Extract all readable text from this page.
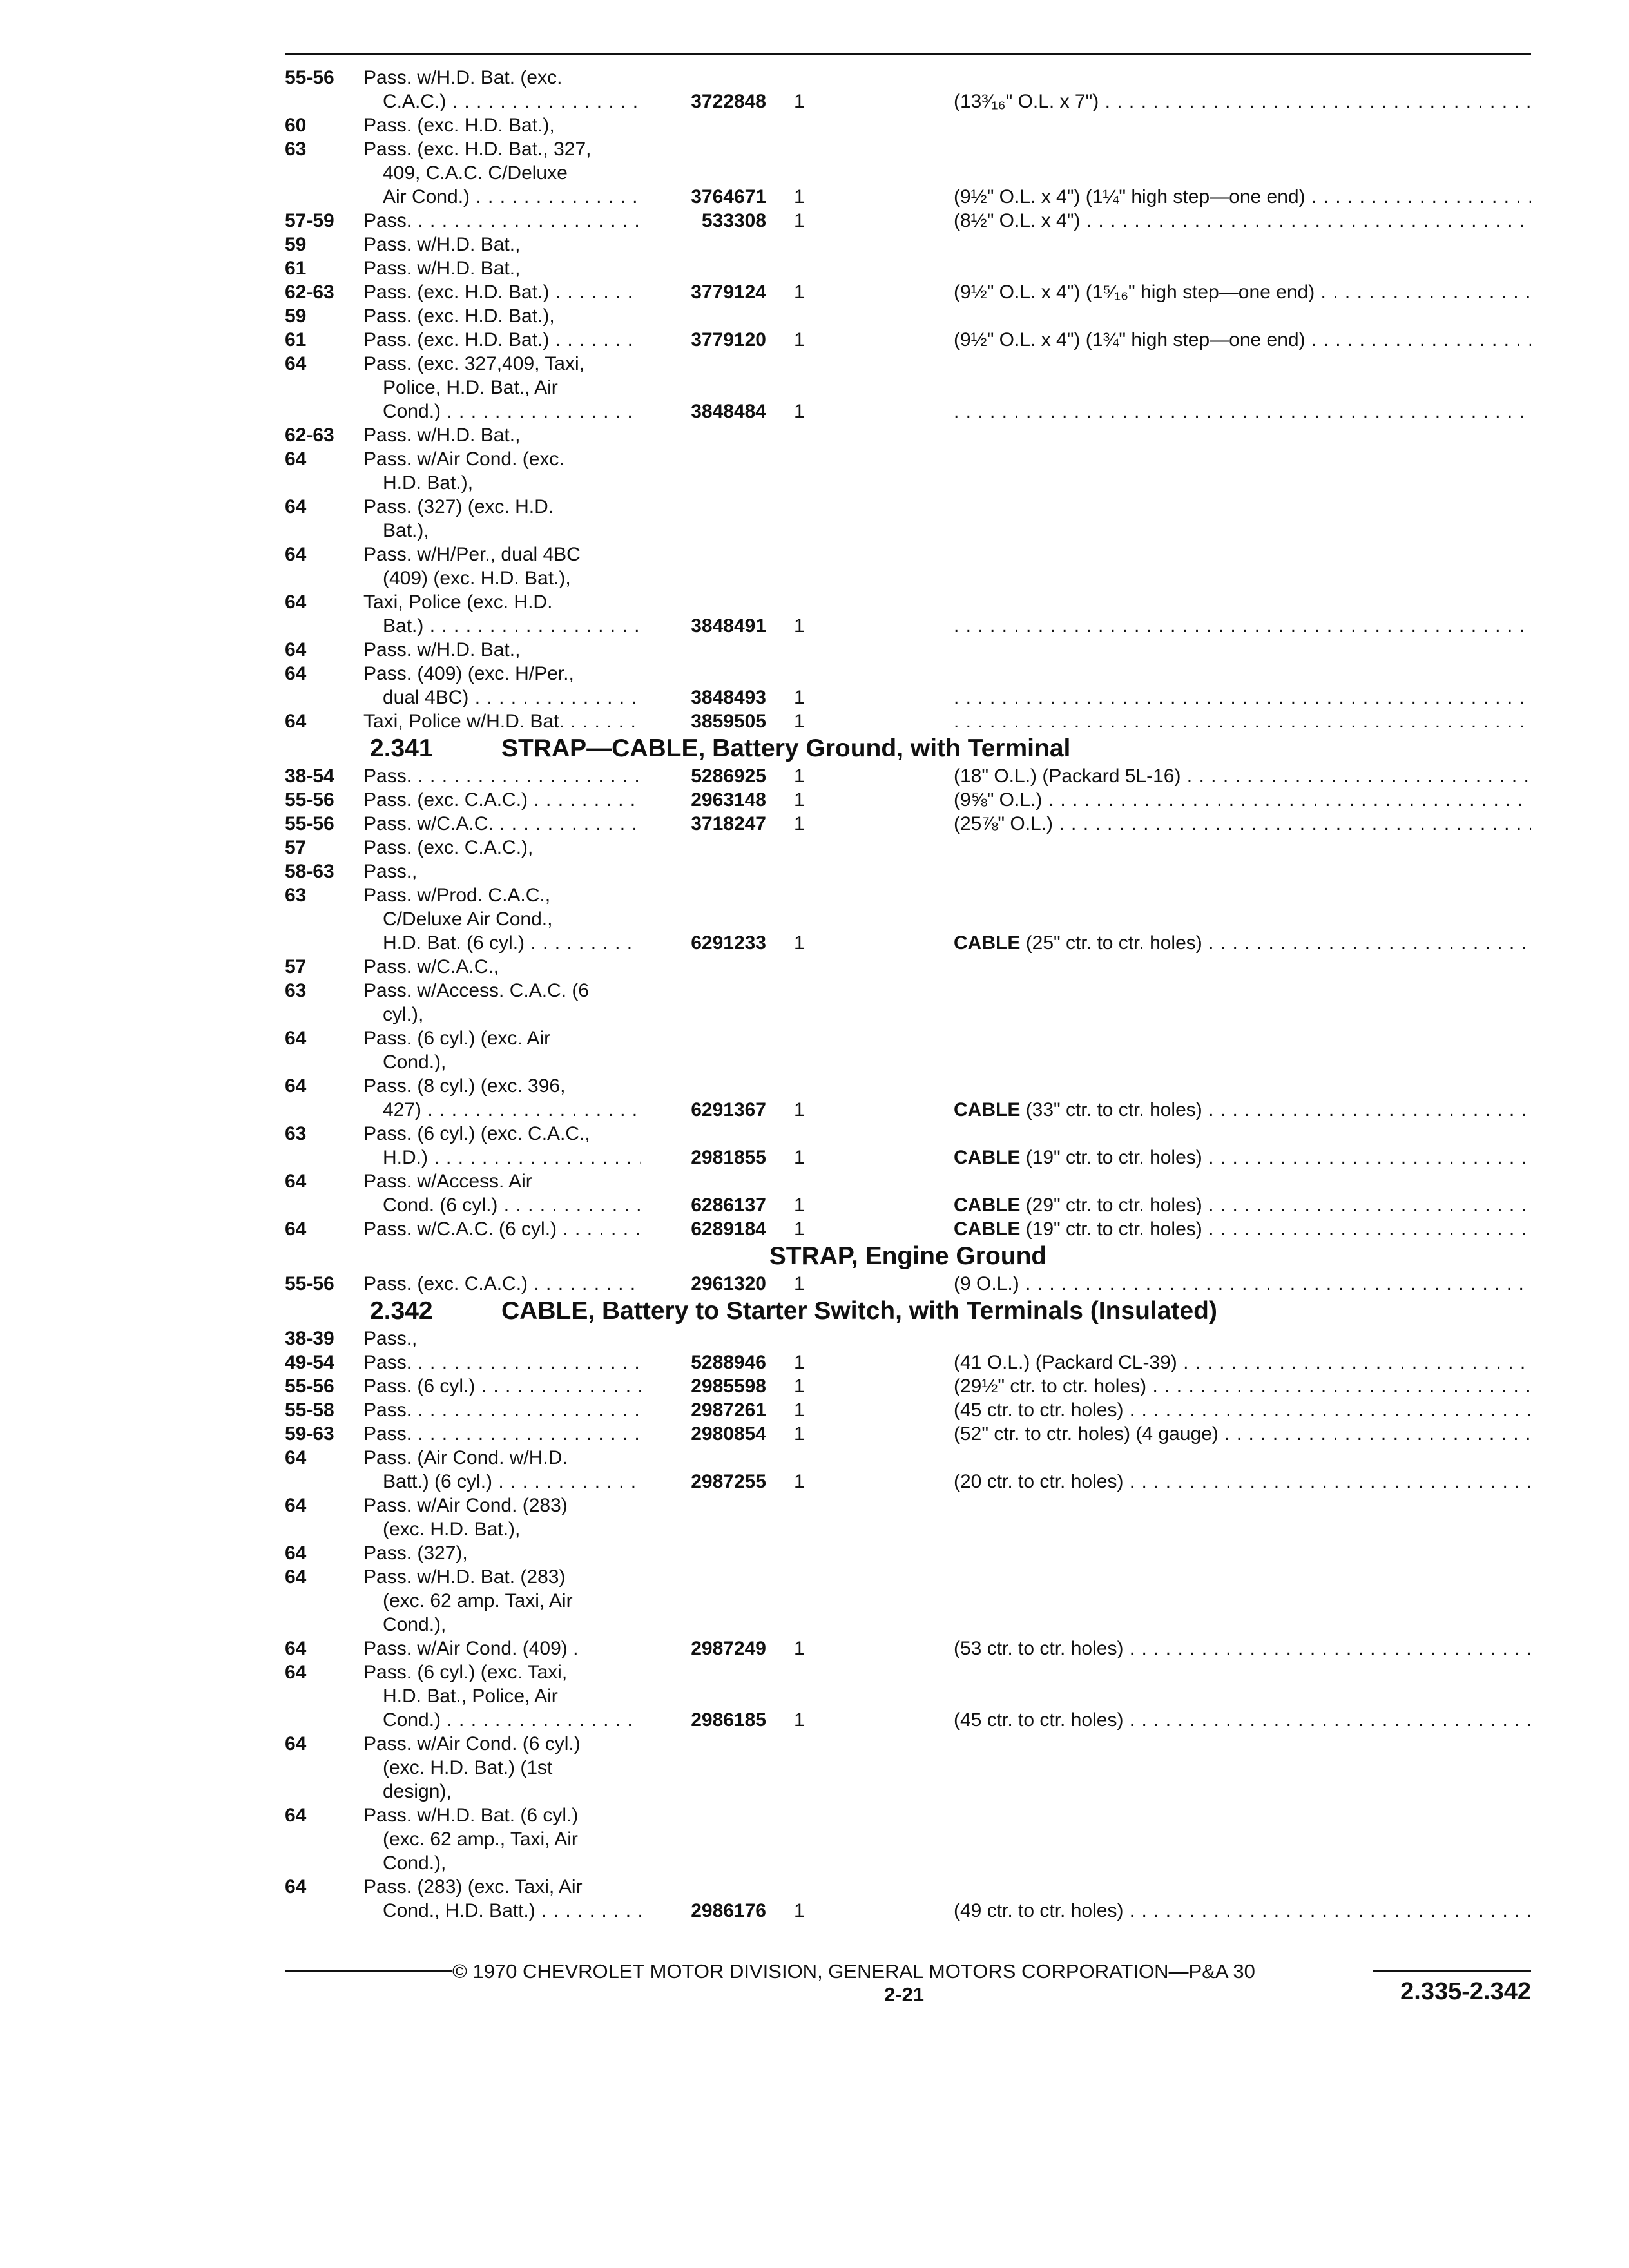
55-56	Pass. w/H.D. Bat. (exc.
C.A.C.) . . .	3722848 1	(13³⁄₁₆" O.L. x 7") . . .
60	Pass. (exc. H.D. Bat.),
63	Pass. (exc. H.D. Bat., 327,
409, C.A.C. C/Deluxe
Air Cond.) . . .	3764671 1	(9½" O.L. x 4") (1¼" high step—one end) . . .
57-59	Pass. . . .	533308 1	(8½" O.L. x 4") . . .
59	Pass. w/H.D. Bat.,
61	Pass. w/H.D. Bat.,
62-63	Pass. (exc. H.D. Bat.) . . .	3779124 1	(9½" O.L. x 4") (1⁵⁄₁₆" high step—one end) . . .
59	Pass. (exc. H.D. Bat.),
61	Pass. (exc. H.D. Bat.) . . .	3779120 1	(9½" O.L. x 4") (1¾" high step—one end) . . .
64	Pass. (exc. 327,409, Taxi,
Police, H.D. Bat., Air
Cond.) . . .	3848484 1
. . .
62-63	Pass. w/H.D. Bat.,
64	Pass. w/Air Cond. (exc.
H.D. Bat.),
64	Pass. (327) (exc. H.D.
Bat.),
64	Pass. w/H/Per., dual 4BC
(409) (exc. H.D. Bat.),
64	Taxi, Police (exc. H.D.
Bat.) . . .	3848491 1
. . .
64	Pass. w/H.D. Bat.,
64	Pass. (409) (exc. H/Per.,
dual 4BC) . . .	3848493 1
. . .
64	Taxi, Police w/H.D. Bat. . . .	3859505 1
. . .
2.341	STRAP—CABLE, Battery Ground, with Terminal
38-54	Pass. . . .	5286925 1	(18" O.L.) (Packard 5L-16) . . .
55-56	Pass. (exc. C.A.C.) . . .	2963148 1	(9⅝" O.L.) . . .
55-56	Pass. w/C.A.C. . . .	3718247 1	(25⅞" O.L.) . . .
57	Pass. (exc. C.A.C.),
58-63	Pass.,
63	Pass. w/Prod. C.A.C.,
C/Deluxe Air Cond.,
H.D. Bat. (6 cyl.) . . .	6291233 1	CABLE (25" ctr. to ctr. holes) . . .
57	Pass. w/C.A.C.,
63	Pass. w/Access. C.A.C. (6
cyl.),
64	Pass. (6 cyl.) (exc. Air
Cond.),
64	Pass. (8 cyl.) (exc. 396,
427) . . .	6291367 1	CABLE (33" ctr. to ctr. holes) . . .
63	Pass. (6 cyl.) (exc. C.A.C.,
H.D.) . . .	2981855 1	CABLE (19" ctr. to ctr. holes) . . .
64	Pass. w/Access. Air
Cond. (6 cyl.) . . .	6286137 1	CABLE (29" ctr. to ctr. holes) . . .
64	Pass. w/C.A.C. (6 cyl.) . . .	6289184 1	CABLE (19" ctr. to ctr. holes) . . .
STRAP, Engine Ground
55-56	Pass. (exc. C.A.C.) . . .	2961320 1	(9 O.L.) . . .
2.342	CABLE, Battery to Starter Switch, with Terminals (Insulated)
38-39	Pass.,
49-54	Pass. . . .	5288946 1	(41 O.L.) (Packard CL-39) . . .
55-56	Pass. (6 cyl.) . . .	2985598 1	(29½" ctr. to ctr. holes) . . .
55-58	Pass. . . .	2987261 1	(45 ctr. to ctr. holes) . . .
59-63	Pass. . . .	2980854 1	(52" ctr. to ctr. holes) (4 gauge) . . .
64	Pass. (Air Cond. w/H.D.
Batt.) (6 cyl.) . . .	2987255 1	(20 ctr. to ctr. holes) . . .
64	Pass. w/Air Cond. (283)
(exc. H.D. Bat.),
64	Pass. (327),
64	Pass. w/H.D. Bat. (283)
(exc. 62 amp. Taxi, Air
Cond.),
64	Pass. w/Air Cond. (409) .	2987249 1	(53 ctr. to ctr. holes) . . .
64	Pass. (6 cyl.) (exc. Taxi,
H.D. Bat., Police, Air
Cond.) . . .	2986185 1	(45 ctr. to ctr. holes) . . .
64	Pass. w/Air Cond. (6 cyl.)
(exc. H.D. Bat.) (1st
design),
64	Pass. w/H.D. Bat. (6 cyl.)
(exc. 62 amp., Taxi, Air
Cond.),
64	Pass. (283) (exc. Taxi, Air
Cond., H.D. Batt.) . . .	2986176 1	(49 ctr. to ctr. holes) . . .
© 1970 CHEVROLET MOTOR DIVISION, GENERAL MOTORS CORPORATION—P&A 30
2-21	2.335-2.342
